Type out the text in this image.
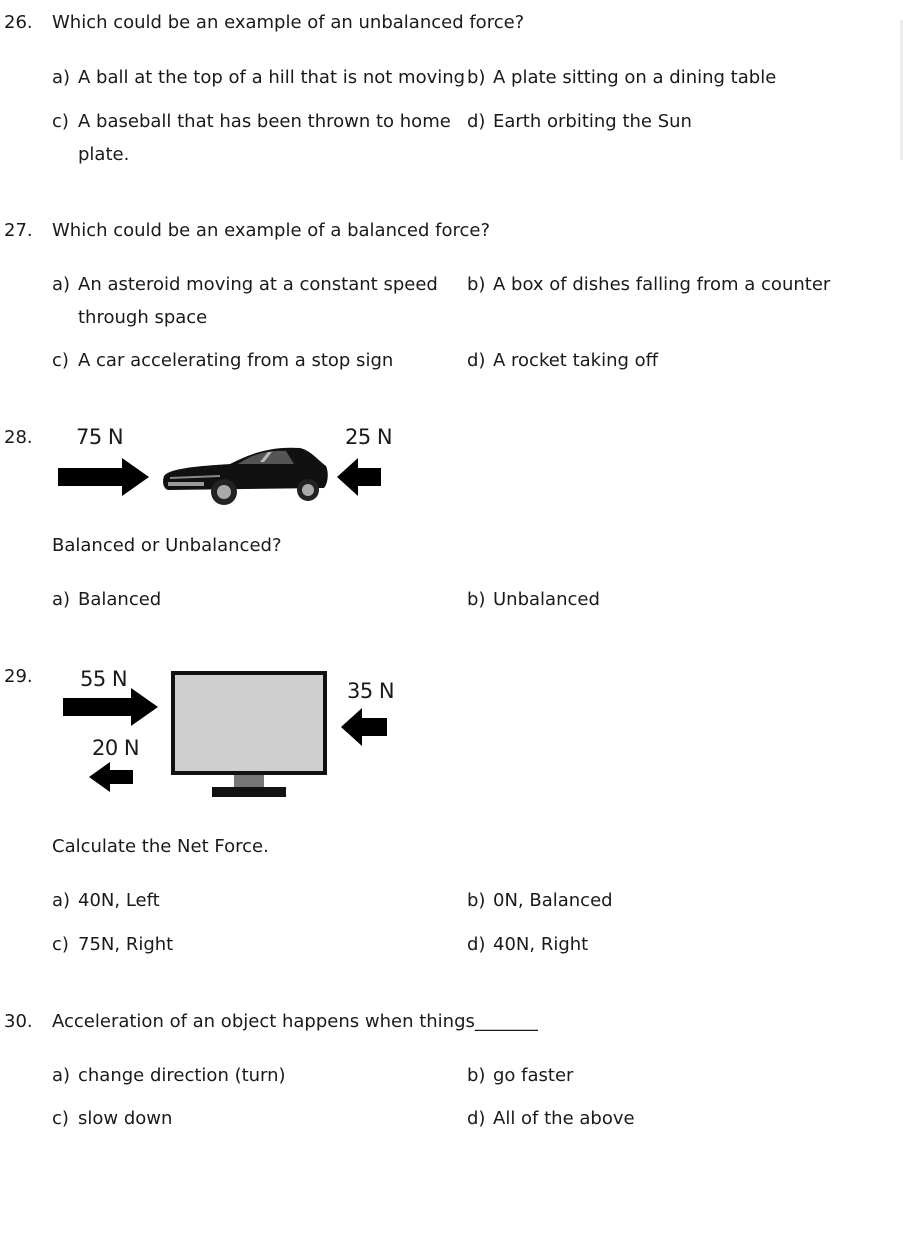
26. Which could be an example of an unbalanced force?
a) A ball at the top of a hill that is not moving b) A plate sitting on a dining table
c) A baseball that has been thrown to home
plate.
d) Earth orbiting the Sun
27. Which could be an example of a balanced force?
a) An asteroid moving at a constant speed
through space
b) A box of dishes falling from a counter
c) A car accelerating from a stop sign	d) A rocket taking off
28. 75 N	25 N
Balanced or Unbalanced?
a) Balanced	b) Unbalanced
29. 55 N
20 N
35 N
Calculate the Net Force.
a) 40N, Left	b) 0N, Balanced
c) 75N, Right	d) 40N, Right
30. Acceleration of an object happens when things_______
a) change direction (turn)	b) go faster
c) slow down	d) All of the above
